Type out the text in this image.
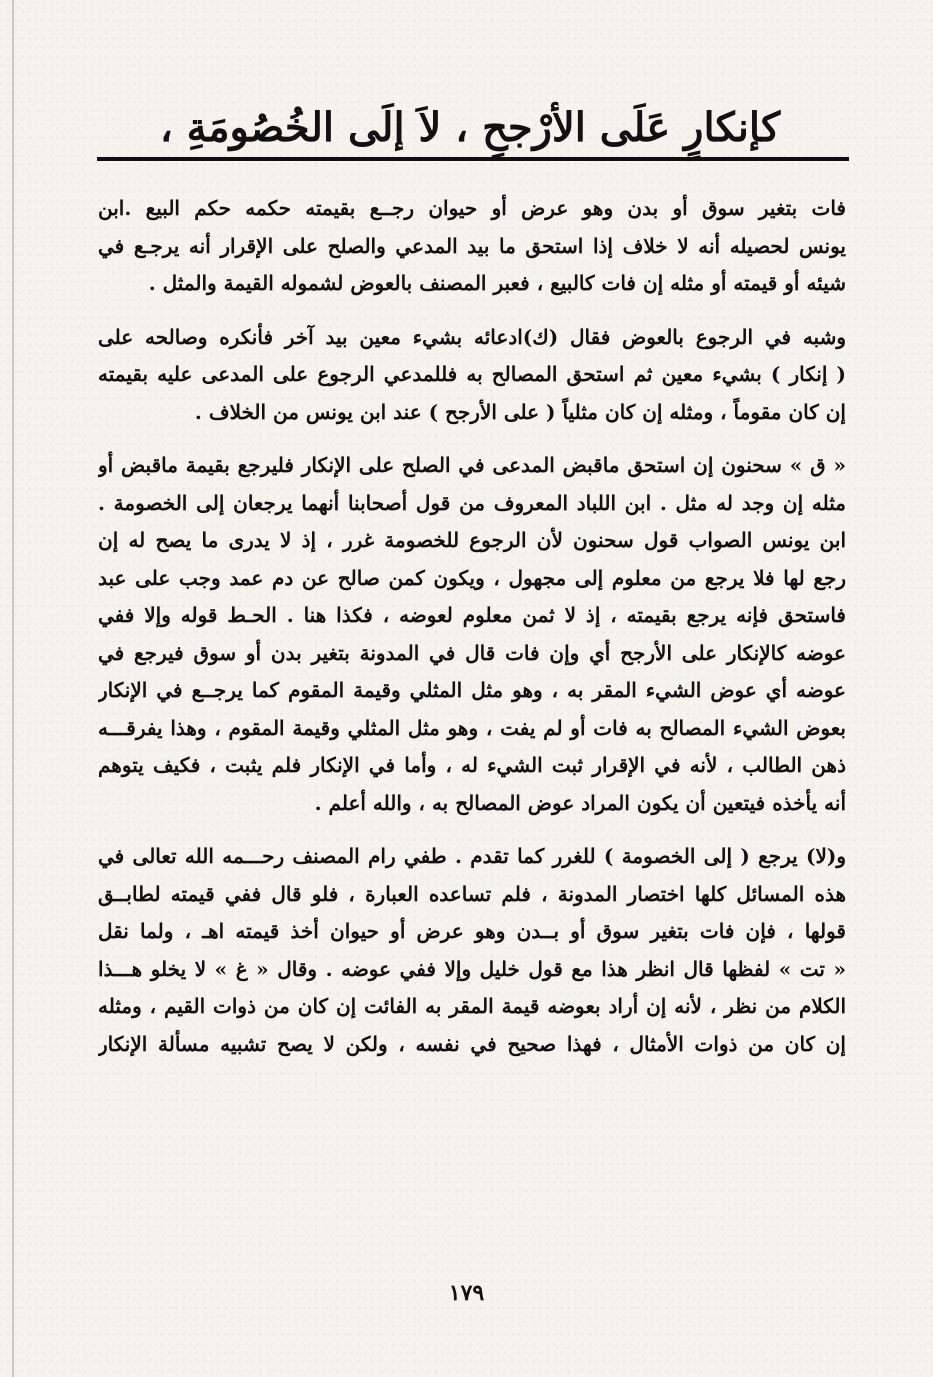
كإنكارٍ عَلَى الأرْجحِ ، لاَ إلَى الخُصُومَةِ ،
فات بتغير سوق أو بدن وهو عرض أو حيوان رجــع بقيمته حكمه حكم البيع .ابن
يونس لحصيله أنه لا خلاف إذا استحق ما بيد المدعي والصلح على الإقرار أنه يرجـع في
شيئه أو قيمته أو مثله إن فات كالبيع ، فعبر المصنف بالعوض لشموله القيمة والمثل .
وشبه في الرجوع بالعوض فقال (ك)ادعائه بشيء معين بيد آخر فأنكره وصالحه على
( إنكار ) بشيء معين ثم استحق المصالح به فللمدعي الرجوع على المدعى عليه بقيمته
إن كان مقوماً ، ومثله إن كان مثلياً ( على الأرجح ) عند ابن يونس من الخلاف .
« ق » سحنون إن استحق ماقبض المدعى في الصلح على الإنكار فليرجع بقيمة ماقبض أو
مثله إن وجد له مثل . ابن اللباد المعروف من قول أصحابنا أنهما يرجعان إلى الخصومة .
ابن يونس الصواب قول سحنون لأن الرجوع للخصومة غرر ، إذ لا يدرى ما يصح له إن
رجع لها فلا يرجع من معلوم إلى مجهول ، ويكون كمن صالح عن دم عمد وجب على عبد
فاستحق فإنه يرجع بقيمته ، إذ لا ثمن معلوم لعوضه ، فكذا هنا . الحـط قوله وإلا ففي
عوضه كالإنكار على الأرجح أي وإن فات قال في المدونة بتغير بدن أو سوق فيرجع في
عوضه أي عوض الشيء المقر به ، وهو مثل المثلي وقيمة المقوم كما يرجــع في الإنكار
بعوض الشيء المصالح به فات أو لم يفت ، وهو مثل المثلي وقيمة المقوم ، وهذا يفرقـــه
ذهن الطالب ، لأنه في الإقرار ثبت الشيء له ، وأما في الإنكار فلم يثبت ، فكيف يتوهم
أنه يأخذه فيتعين أن يكون المراد عوض المصالح به ، والله أعلم .
و(لا) يرجع ( إلى الخصومة ) للغرر كما تقدم . طفي رام المصنف رحـــمه الله تعالى في
هذه المسائل كلها اختصار المدونة ، فلم تساعده العبارة ، فلو قال ففي قيمته لطابــق
قولها ، فإن فات بتغير سوق أو بــدن وهو عرض أو حيوان أخذ قيمته اهـ ، ولما نقل
« تت » لفظها قال انظر هذا مع قول خليل وإلا ففي عوضه . وقال « غ » لا يخلو هـــذا
الكلام من نظر ، لأنه إن أراد بعوضه قيمة المقر به الفائت إن كان من ذوات القيم ، ومثله
إن كان من ذوات الأمثال ، فهذا صحيح في نفسه ، ولكن لا يصح تشبيه مسألة الإنكار
١٧٩
